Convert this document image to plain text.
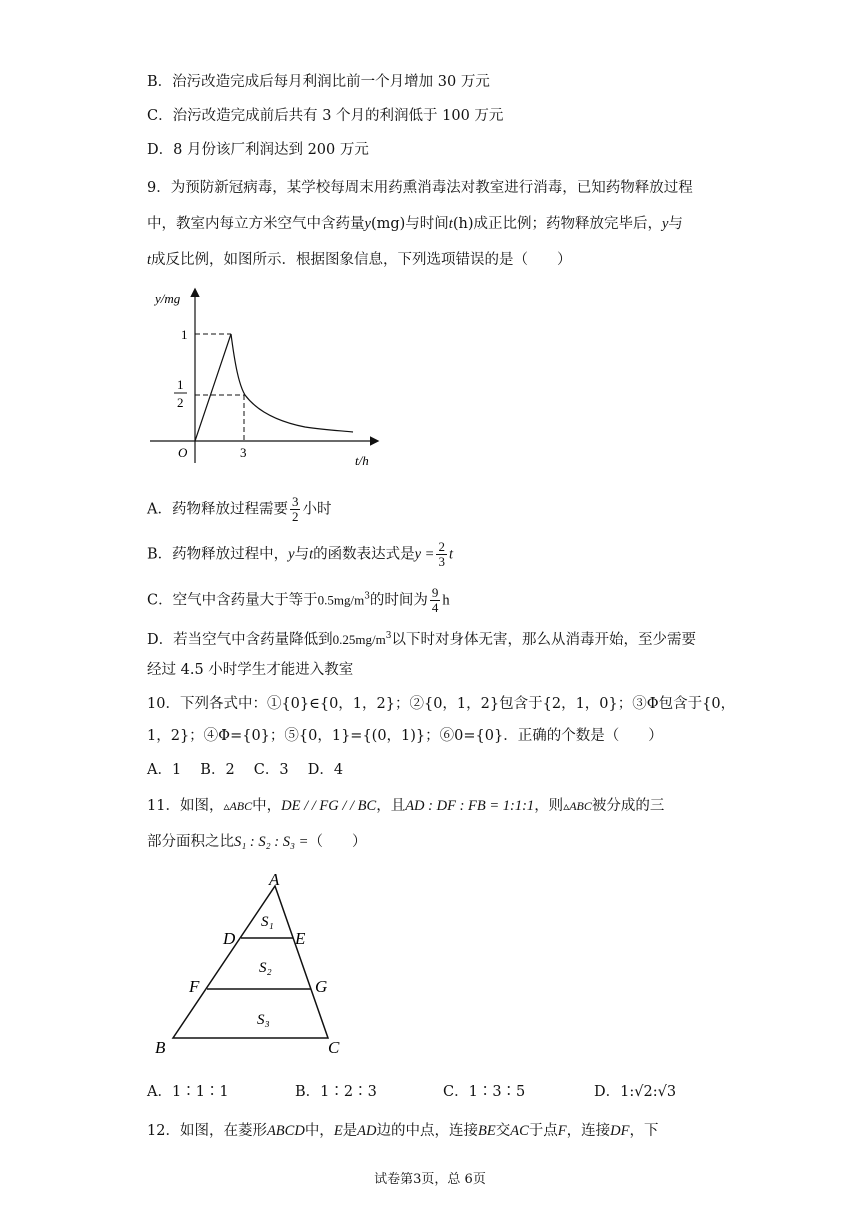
B．治污改造完成后每月利润比前一个月增加 30 万元
C．治污改造完成前后共有 3 个月的利润低于 100 万元
D．8 月份该厂利润达到 200 万元
9．为预防新冠病毒，某学校每周末用药熏消毒法对教室进行消毒，已知药物释放过程
中，教室内每立方米空气中含药量y(mg)与时间t(h)成正比例；药物释放完毕后，y与
t成反比例，如图所示．根据图象信息，下列选项错误的是（　　）
y/mg
t/h
O
1
1
2
3
A．药物释放过程需要 $\frac{3}{2}$ 小时
B．药物释放过程中，y与t的函数表达式是$y = \frac{2}{3}$ t
C．空气中含药量大于等于$0.5mg/m^3$的时间为 $\frac{9}{4}$ h
D．若当空气中含药量降低到$0.25mg/m^3$以下时对身体无害，那么从消毒开始，至少需要
经过 4.5 小时学生才能进入教室
10．下列各式中：①{0}∈{0，1，2}；②{0，1，2}包含于{2，1，0}；③Φ包含于{0，
1，2}；④Φ={0}；⑤{0，1}={(0，1)}；⑥0={0}．正确的个数是（　　）
A．1　 B．2　 C．3　 D．4
11．如图，▵ABC中，DE / / FG / / BC，且AD : DF : FB = 1:1:1，则▵ABC被分成的三
部分面积之比S₁ : S₂ : S₃ =（　　）
A
D	E
F	G
B	C
S₁
S₂
S₃
A．1∶1∶1	B．1∶2∶3	C．1∶3∶5	D．1:√2:√3
12．如图，在菱形ABCD中，E是AD边的中点，连接BE交AC于点F，连接DF，下
试卷第3页，总 6页
